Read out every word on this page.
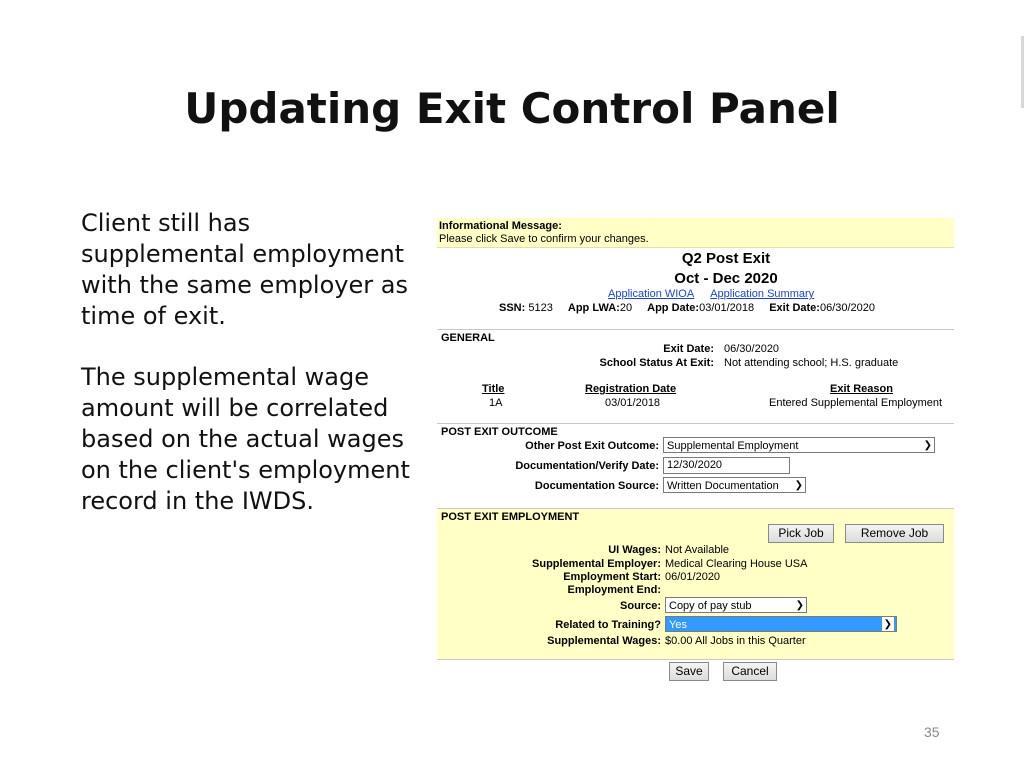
Updating Exit Control Panel

Client still has supplemental employment with the same employer as time of exit.

The supplemental wage amount will be correlated based on the actual wages on the client's employment record in the IWDS.

Informational Message:
Please click Save to confirm your changes.
Q2 Post Exit
Oct - Dec 2020
Application WIOA Application Summary
SSN: 5123 App LWA:20 App Date:03/01/2018 Exit Date:06/30/2020
GENERAL
Exit Date: 06/30/2020
School Status At Exit: Not attending school; H.S. graduate
Title	Registration Date	Exit Reason
1A	03/01/2018	Entered Supplemental Employment
POST EXIT OUTCOME
Other Post Exit Outcome: Supplemental Employment	❯
Documentation/Verify Date: 12/30/2020
Documentation Source: Written Documentation ❯
POST EXIT EMPLOYMENT
Pick Job	Remove Job
UI Wages: Not Available
Supplemental Employer: Medical Clearing House USA
Employment Start: 06/01/2020
Employment End:
Source: Copy of pay stub	❯
Related to Training? Yes	❯
Supplemental Wages: $0.00 All Jobs in this Quarter
Save	Cancel
35
